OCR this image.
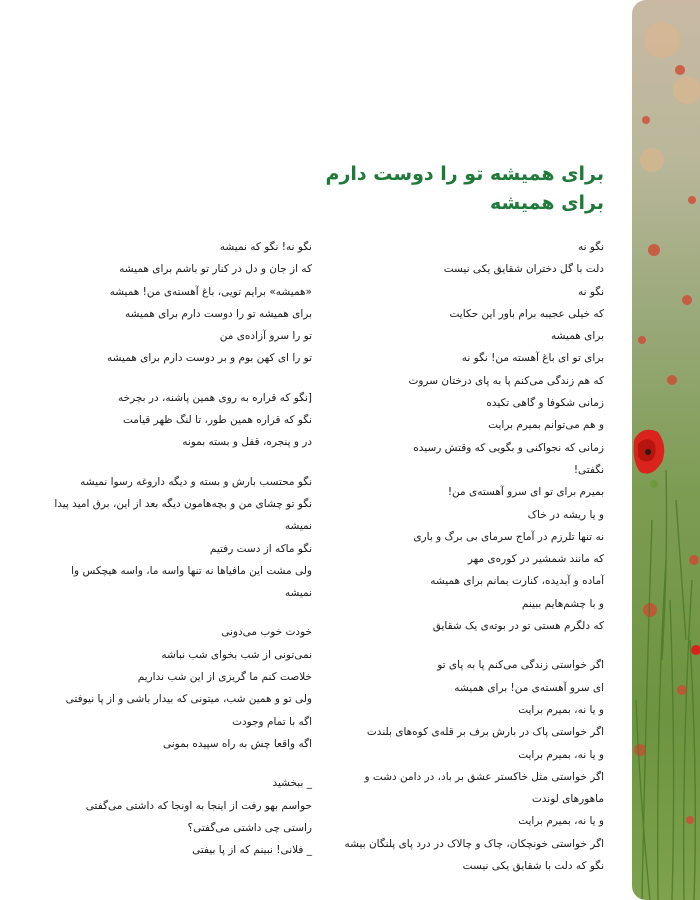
برای همیشه تو را دوست دارم
برای همیشه
نگو نه
دلت با گل دختران شقایق یکی نیست
نگو نه
که خیلی عجیبه برام باور این حکایت
برای همیشه
برای تو ای باغ آهسته من! نگو نه
که هم زندگی می‌کنم پا به پای درختان سروت
زمانی شکوفا و گاهی تکیده
و هم می‌توانم بمیرم برایت
زمانی که نجواکنی و بگویی که وقتش رسیده
نگفتی!
بمیرم برای تو ای سرو آهسته‌ی من!
و یا ریشه در خاک
نه تنها تلرزم در آماج سرمای بی برگ و باری
که مانند شمشیر در کوره‌ی مهر
آماده و آبدیده، کنارت بمانم برای همیشه
و با چشم‌هایم ببینم
که دلگرم هستی تو در بوته‌ی یک شقایق
اگر خواستی زندگی می‌کنم پا به پای تو
ای سرو آهسته‌ی من! برای همیشه
و یا نه، بمیرم برایت
اگر خواستی پاک در بارش برف بر قله‌ی کوه‌های بلندت
و یا نه، بمیرم برایت
اگر خواستی مثل خاکستر عشق بر باد، در دامن دشت و
ماهورهای لوندت
و یا نه، بمیرم برایت
اگر خواستی خونچکان، چاک و چالاک در درد پای پلنگان بیشه
نگو که دلت با شقایق یکی نیست
نگو نه! نگو که نمیشه
که از جان و دل در کنار تو باشم برای همیشه
«همیشه» برایم تویی، باغ آهسته‌ی من! همیشه
برای همیشه تو را دوست دارم برای همیشه
تو را سرو آزاده‌ی من
تو را ای کهن بوم و بر دوست دارم برای همیشه
[نگو که قراره به روی همین پاشنه، در بچرخه
نگو که قراره همین طور، تا لنگ ظهر قیامت
در و پنجره، قفل و بسته بمونه
نگو محتسب بارش و بسته و دیگه داروغه رسوا نمیشه
نگو تو چشای من و بچه‌هامون دیگه بعد از این، برق امید پیدا
نمیشه
نگو ماکه از دست رفتیم
ولی مشت این مافیاها نه تنها واسه ما، واسه هیچکس وا
نمیشه
خودت خوب می‌دونی
نمی‌تونی از شب بخوای شب نباشه
خلاصت کنم ما گریزی از این شب نداریم
ولی تو و همین شب، میتونی که بیدار باشی و از پا نیوفتی
اگه با تمام وجودت
اگه واقعا چش به راه سپیده بمونی
_ ببخشید
حواسم بهو رفت از اینجا به اونجا که داشتی می‌گفتی
راستی چی داشتی می‌گفتی؟
_ فلانی! نبینم که از پا بیفتی
